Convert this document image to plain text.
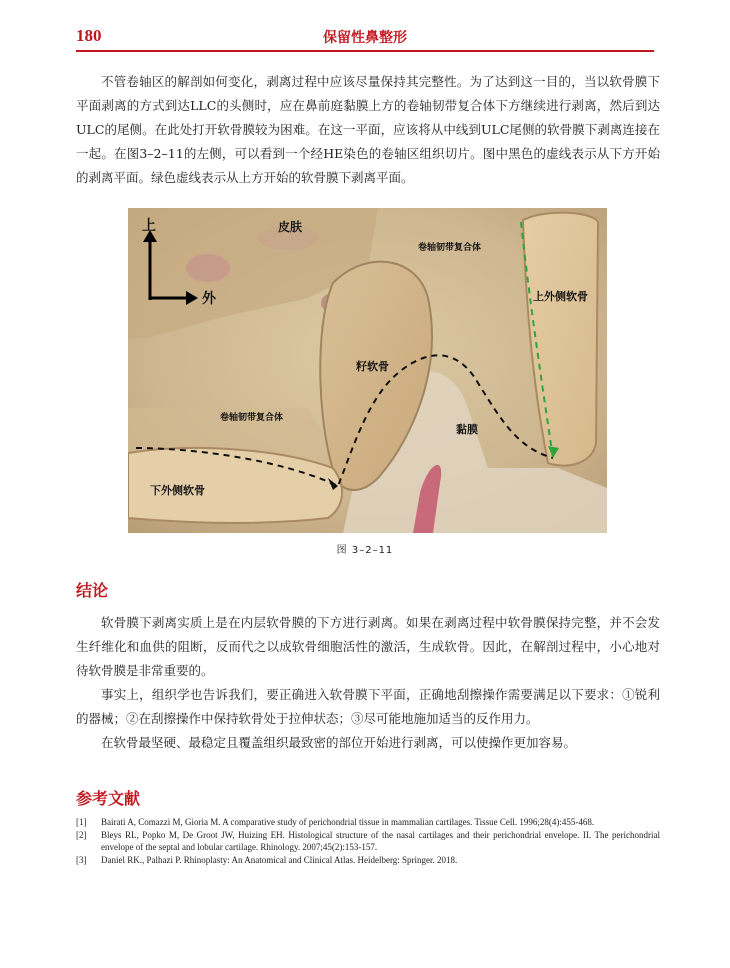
180	保留性鼻整形

不管卷轴区的解剖如何变化，剥离过程中应该尽量保持其完整性。为了达到这一目的，当以软骨膜下平面剥离的方式到达LLC的头侧时，应在鼻前庭黏膜上方的卷轴韧带复合体下方继续进行剥离，然后到达ULC的尾侧。在此处打开软骨膜较为困难。在这一平面，应该将从中线到ULC尾侧的软骨膜下剥离连接在一起。在图3–2–11的左侧，可以看到一个经HE染色的卷轴区组织切片。图中黑色的虚线表示从下方开始的剥离平面。绿色虚线表示从上方开始的软骨膜下剥离平面。

上
外
皮肤
卷轴韧带复合体
上外侧软骨
籽软骨
卷轴韧带复合体
黏膜
下外侧软骨
图 3–2–11
结论

软骨膜下剥离实质上是在内层软骨膜的下方进行剥离。如果在剥离过程中软骨膜保持完整，并不会发生纤维化和血供的阻断，反而代之以成软骨细胞活性的激活，生成软骨。因此，在解剖过程中，小心地对待软骨膜是非常重要的。

事实上，组织学也告诉我们，要正确进入软骨膜下平面，正确地刮擦操作需要满足以下要求：①锐利的器械；②在刮擦操作中保持软骨处于拉伸状态；③尽可能地施加适当的反作用力。

在软骨最坚硬、最稳定且覆盖组织最致密的部位开始进行剥离，可以使操作更加容易。

参考文献
[1]	Bairati A, Comazzi M, Gioria M. A comparative study of perichondrial tissue in mammalian cartilages. Tissue Cell. 1996;28(4):455-468.
[2]	Bleys RL, Popko M, De Groot JW, Huizing EH. Histological structure of the nasal cartilages and their perichondrial envelope. II. The perichondrial envelope of the septal and lobular cartilage. Rhinology. 2007;45(2):153-157.
[3]	Daniel RK., Palhazi P. Rhinoplasty: An Anatomical and Clinical Atlas. Heidelberg: Springer. 2018.
